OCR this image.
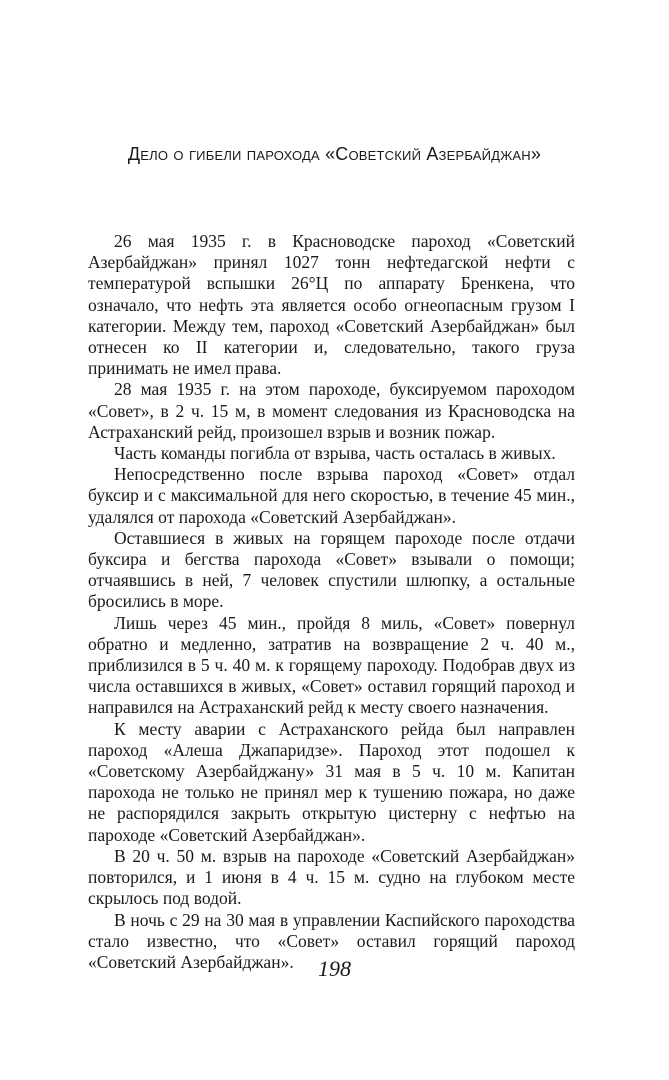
Дело о гибели парохода «Советский Азербайджан»

26 мая 1935 г. в Красноводске пароход «Советский Азербайджан» принял 1027 тонн нефтедагской нефти с температурой вспышки 26°Ц по аппарату Бренкена, что означало, что нефть эта является особо огнеопасным грузом I категории. Между тем, пароход «Советский Азербайджан» был отнесен ко II категории и, следовательно, такого груза принимать не имел права.

28 мая 1935 г. на этом пароходе, буксируемом пароходом «Совет», в 2 ч. 15 м, в момент следования из Красноводска на Астраханский рейд, произошел взрыв и возник пожар.

Часть команды погибла от взрыва, часть осталась в живых.

Непосредственно после взрыва пароход «Совет» отдал буксир и с максимальной для него скоростью, в течение 45 мин., удалялся от парохода «Советский Азербайджан».

Оставшиеся в живых на горящем пароходе после отдачи буксира и бегства парохода «Совет» взывали о помощи; отчаявшись в ней, 7 человек спустили шлюпку, а остальные бросились в море.

Лишь через 45 мин., пройдя 8 миль, «Совет» повернул обратно и медленно, затратив на возвращение 2 ч. 40 м., приблизился в 5 ч. 40 м. к горящему пароходу. Подобрав двух из числа оставшихся в живых, «Совет» оставил горящий пароход и направился на Астраханский рейд к месту своего назначения.

К месту аварии с Астраханского рейда был направлен пароход «Алеша Джапаридзе». Пароход этот подошел к «Советскому Азербайджану» 31 мая в 5 ч. 10 м. Капитан парохода не только не принял мер к тушению пожара, но даже не распорядился закрыть открытую цистерну с нефтью на пароходе «Советский Азербайджан».

В 20 ч. 50 м. взрыв на пароходе «Советский Азербайджан» повторился, и 1 июня в 4 ч. 15 м. судно на глубоком месте скрылось под водой.

В ночь с 29 на 30 мая в управлении Каспийского пароходства стало известно, что «Совет» оставил горящий пароход «Советский Азербайджан».	198
